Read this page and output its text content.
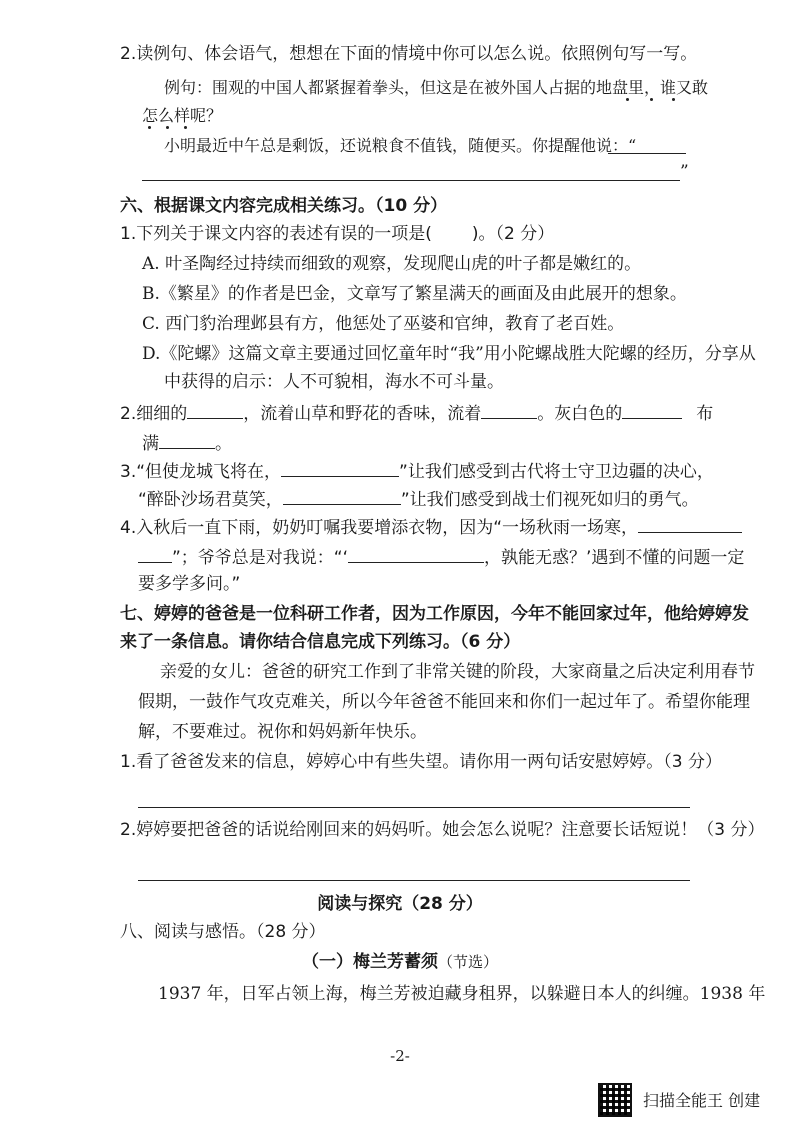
2.读例句、体会语气，想想在下面的情境中你可以怎么说。依照例句写一写。
例句：围观的中国人都紧握着拳头，但这是在被外国人占据的地盘里，谁又敢
怎么样呢？
小明最近中午总是剩饭，还说粮食不值钱，随便买。你提醒他说：“
”
六、根据课文内容完成相关练习。（10 分）
1.下列关于课文内容的表述有误的一项是( )。（2 分）
A. 叶圣陶经过持续而细致的观察，发现爬山虎的叶子都是嫩红的。
B.《繁星》的作者是巴金，文章写了繁星满天的画面及由此展开的想象。
C. 西门豹治理邺县有方，他惩处了巫婆和官绅，教育了老百姓。
D.《陀螺》这篇文章主要通过回忆童年时“我”用小陀螺战胜大陀螺的经历，分享从
中获得的启示：人不可貌相，海水不可斗量。
2.细细的	，流着山草和野花的香味，流着	。灰白色的	布
满	。
3.“但使龙城飞将在，	”让我们感受到古代将士守卫边疆的决心，
“醉卧沙场君莫笑，	”让我们感受到战士们视死如归的勇气。
4.入秋后一直下雨，奶奶叮嘱我要增添衣物，因为“一场秋雨一场寒，
”；爷爷总是对我说：“‘	，孰能无惑？’遇到不懂的问题一定
要多学多问。”
七、婷婷的爸爸是一位科研工作者，因为工作原因，今年不能回家过年，他给婷婷发
来了一条信息。请你结合信息完成下列练习。（6 分）
亲爱的女儿：爸爸的研究工作到了非常关键的阶段，大家商量之后决定利用春节
假期，一鼓作气攻克难关，所以今年爸爸不能回来和你们一起过年了。希望你能理
解，不要难过。祝你和妈妈新年快乐。
1.看了爸爸发来的信息，婷婷心中有些失望。请你用一两句话安慰婷婷。（3 分）
2.婷婷要把爸爸的话说给刚回来的妈妈听。她会怎么说呢？注意要长话短说！（3 分）
阅读与探究（28 分）
八、阅读与感悟。（28 分）
（一）梅兰芳蓄须（节选）
1937 年，日军占领上海，梅兰芳被迫藏身租界，以躲避日本人的纠缠。1938 年
-2-
扫描全能王 创建
